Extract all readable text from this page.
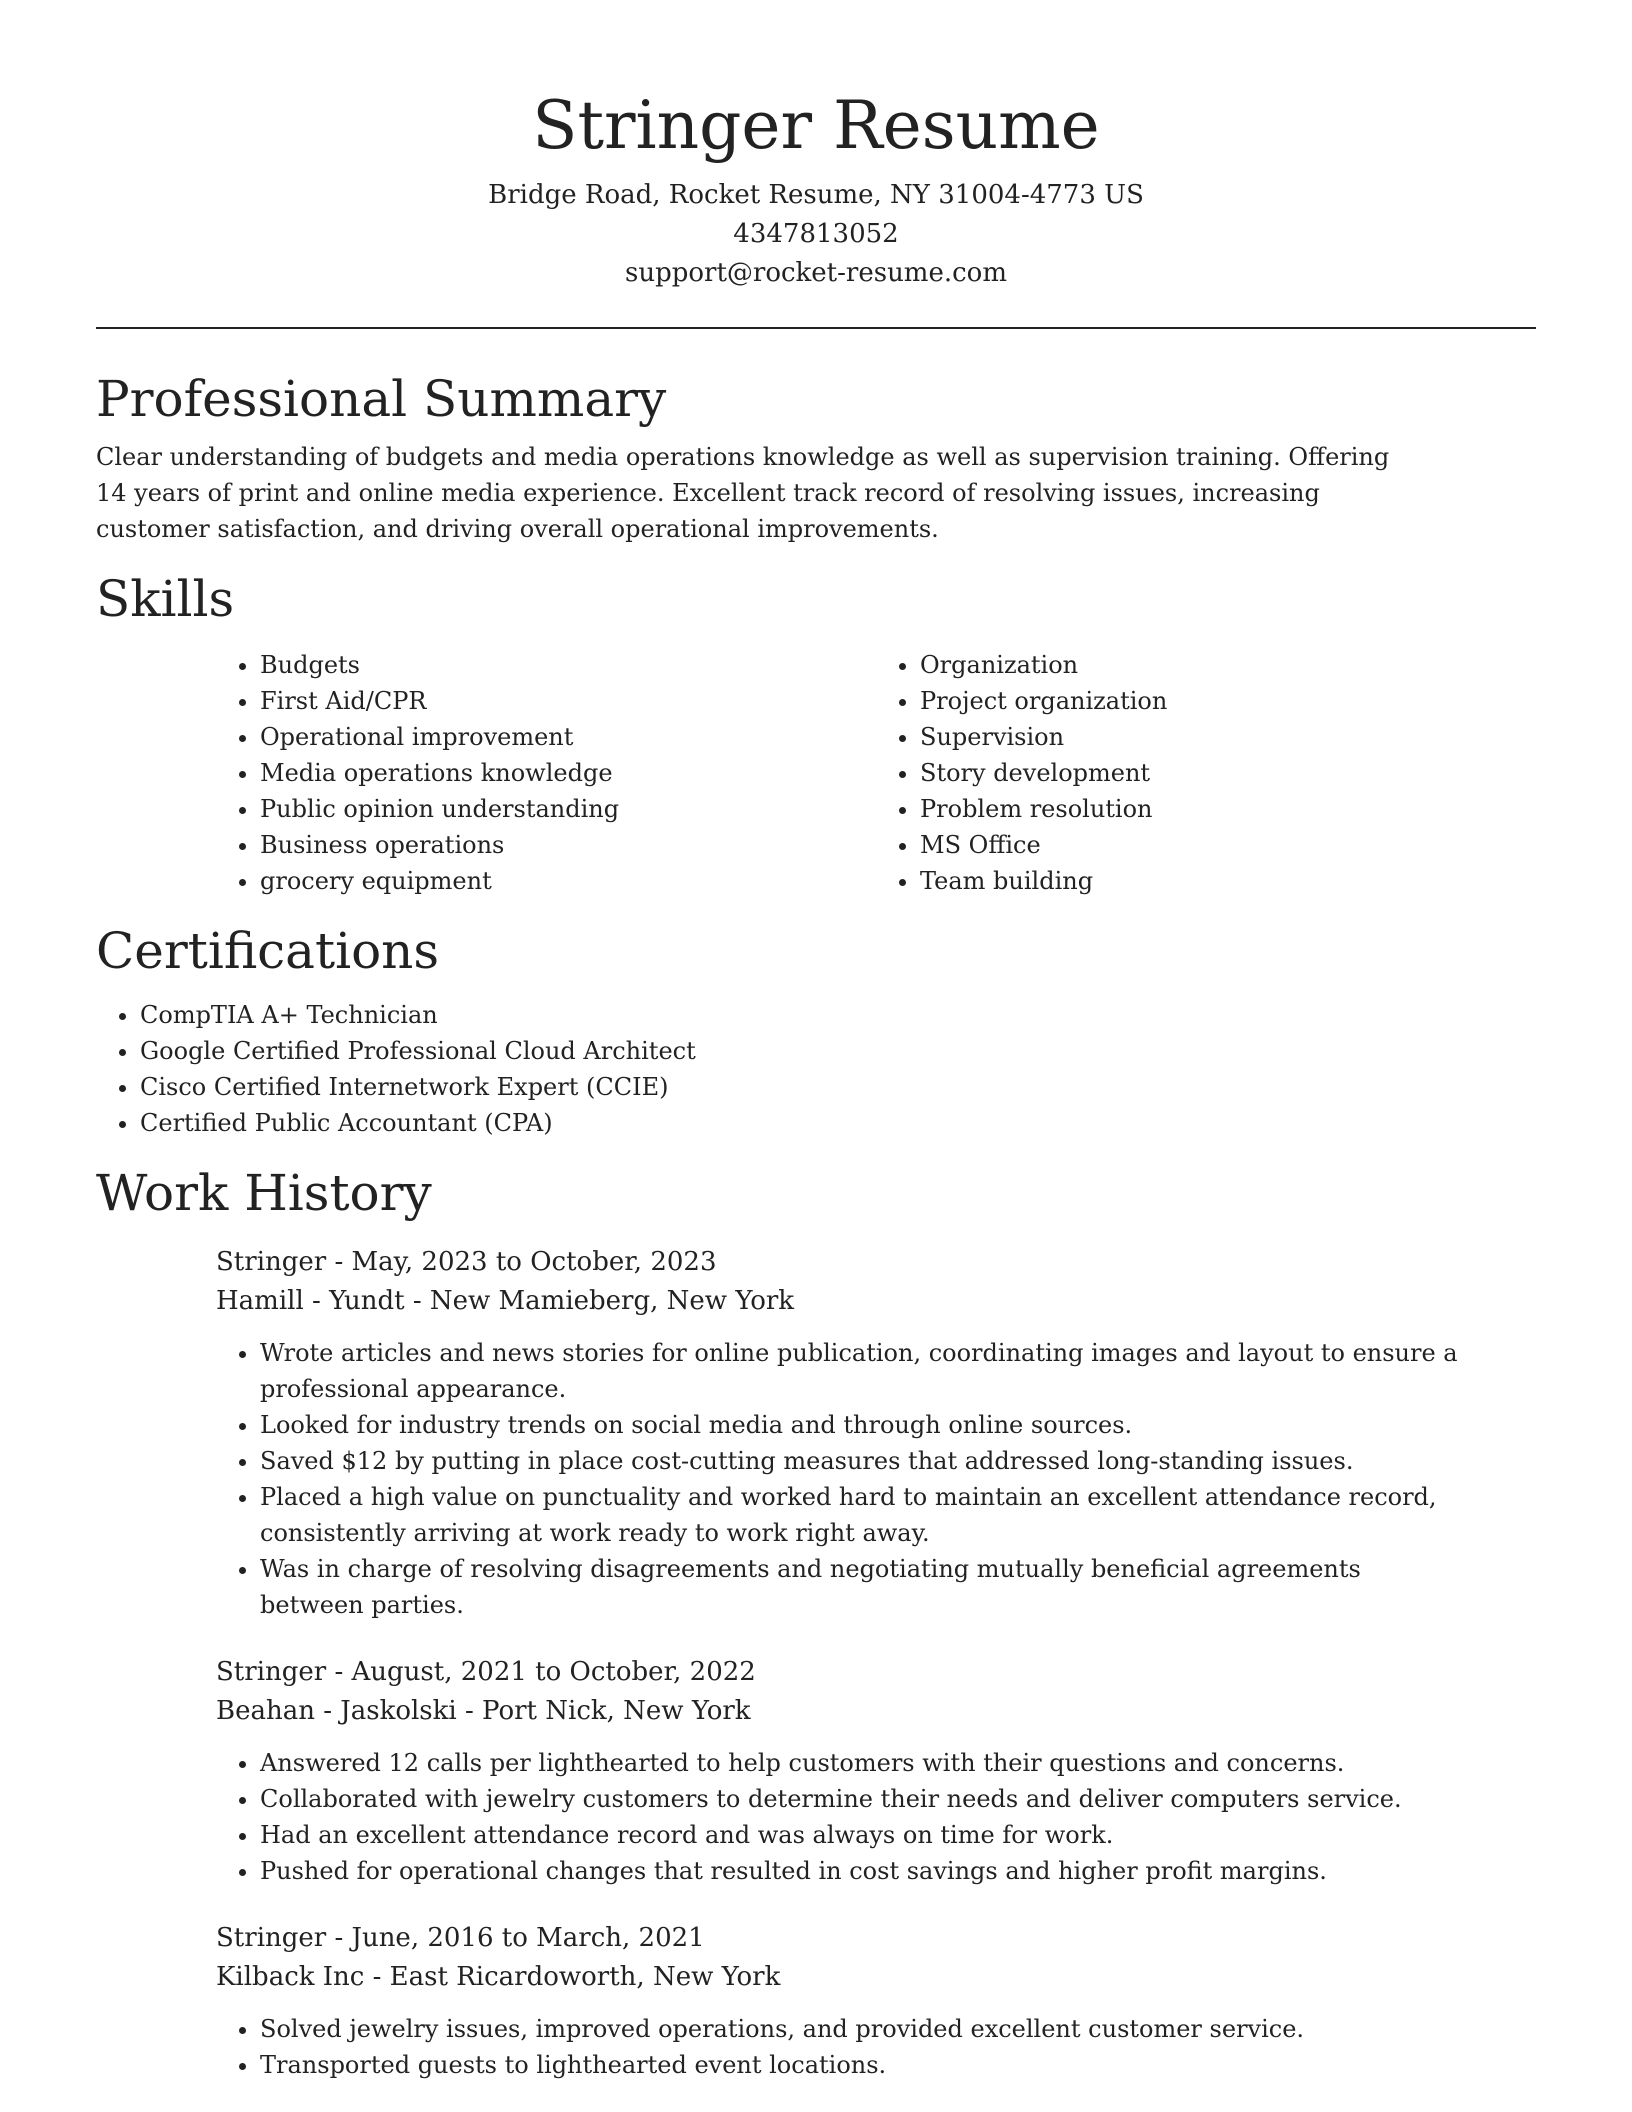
Stringer Resume

Bridge Road, Rocket Resume, NY 31004-4773 US

4347813052

support@rocket-resume.com

Professional Summary

Clear understanding of budgets and media operations knowledge as well as supervision training. Offering 14 years of print and online media experience. Excellent track record of resolving issues, increasing customer satisfaction, and driving overall operational improvements.

Skills
• Budgets
• First Aid/CPR
• Operational improvement
• Media operations knowledge
• Public opinion understanding
• Business operations
• grocery equipment
• Organization
• Project organization
• Supervision
• Story development
• Problem resolution
• MS Office
• Team building
Certifications
• CompTIA A+ Technician
• Google Certified Professional Cloud Architect
• Cisco Certified Internetwork Expert (CCIE)
• Certified Public Accountant (CPA)
Work History

Stringer - May, 2023 to October, 2023

Hamill - Yundt - New Mamieberg, New York

• Wrote articles and news stories for online publication, coordinating images and layout to ensure a professional appearance.
• Looked for industry trends on social media and through online sources.
• Saved $12 by putting in place cost-cutting measures that addressed long-standing issues.
• Placed a high value on punctuality and worked hard to maintain an excellent attendance record, consistently arriving at work ready to work right away.
• Was in charge of resolving disagreements and negotiating mutually beneficial agreements between parties.

Stringer - August, 2021 to October, 2022

Beahan - Jaskolski - Port Nick, New York

• Answered 12 calls per lighthearted to help customers with their questions and concerns.
• Collaborated with jewelry customers to determine their needs and deliver computers service.
• Had an excellent attendance record and was always on time for work.
• Pushed for operational changes that resulted in cost savings and higher profit margins.

Stringer - June, 2016 to March, 2021

Kilback Inc - East Ricardoworth, New York

• Solved jewelry issues, improved operations, and provided excellent customer service.
• Transported guests to lighthearted event locations.
